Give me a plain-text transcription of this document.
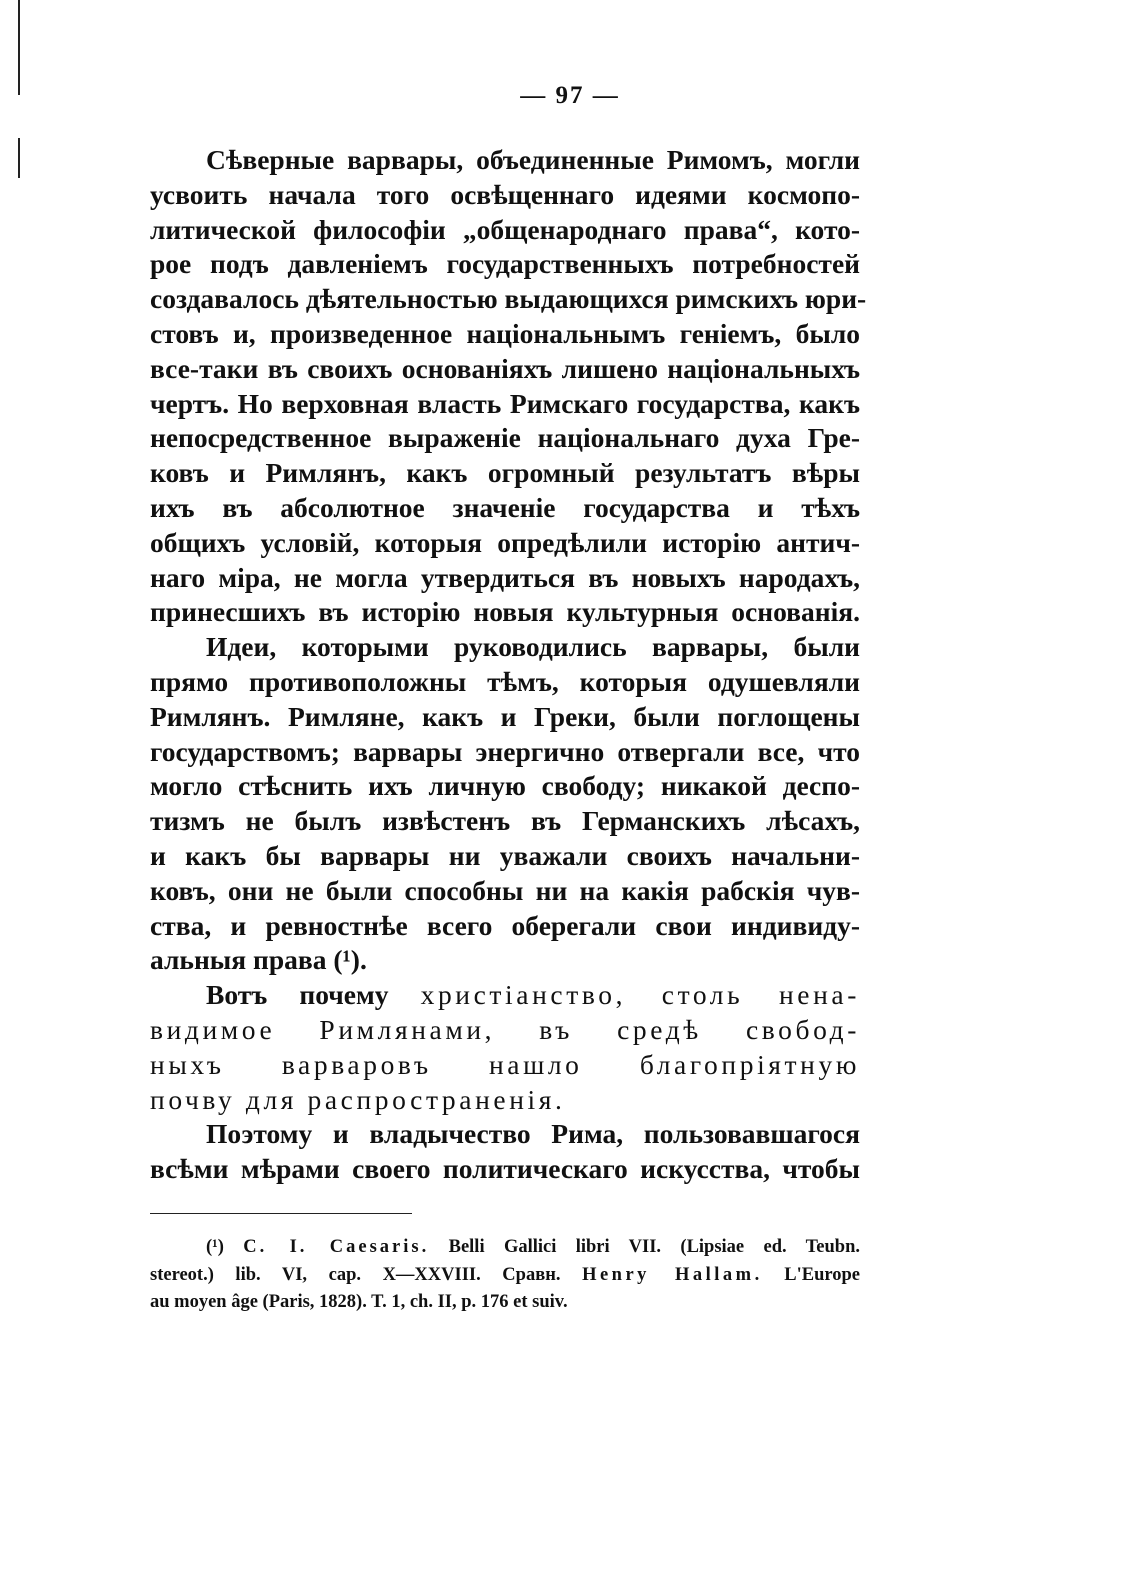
— 97 —
Сѣверные варвары, объединенные Римомъ, могли
усвоить начала того освѣщеннаго идеями космопо-
литической философіи „общенароднаго права“, кото-
рое подъ давленіемъ государственныхъ потребностей
создавалось дѣятельностью выдающихся римскихъ юри-
стовъ и, произведенное національнымъ геніемъ, было
все-таки въ своихъ основаніяхъ лишено національныхъ
чертъ. Но верховная власть Римскаго государства, какъ
непосредственное выраженіе національнаго духа Гре-
ковъ и Римлянъ, какъ огромный результатъ вѣры
ихъ въ абсолютное значеніе государства и тѣхъ
общихъ условій, которыя опредѣлили исторію антич-
наго міра, не могла утвердиться въ новыхъ народахъ,
принесшихъ въ исторію новыя культурныя основанія.
Идеи, которыми руководились варвары, были
прямо противоположны тѣмъ, которыя одушевляли
Римлянъ. Римляне, какъ и Греки, были поглощены
государствомъ; варвары энергично отвергали все, что
могло стѣснить ихъ личную свободу; никакой деспо-
тизмъ не былъ извѣстенъ въ Германскихъ лѣсахъ,
и какъ бы варвары ни уважали своихъ начальни-
ковъ, они не были способны ни на какія рабскія чув-
ства, и ревностнѣе всего оберегали свои индивиду-
альныя права (¹).
Вотъ почему христіанство, столь нена-
видимое Римлянами, въ средѣ свобод-
ныхъ варваровъ нашло благопріятную
почву для распространенія.
Поэтому и владычество Рима, пользовавшагося
всѣми мѣрами своего политическаго искусства, чтобы
(¹) C. I. Caesaris. Belli Gallici libri VII. (Lipsiae ed. Teubn.
stereot.) lib. VI, cap. X—XXVIII. Сравн. Henry Hallam. L'Europe
au moyen âge (Paris, 1828). T. 1, ch. II, p. 176 et suiv.
